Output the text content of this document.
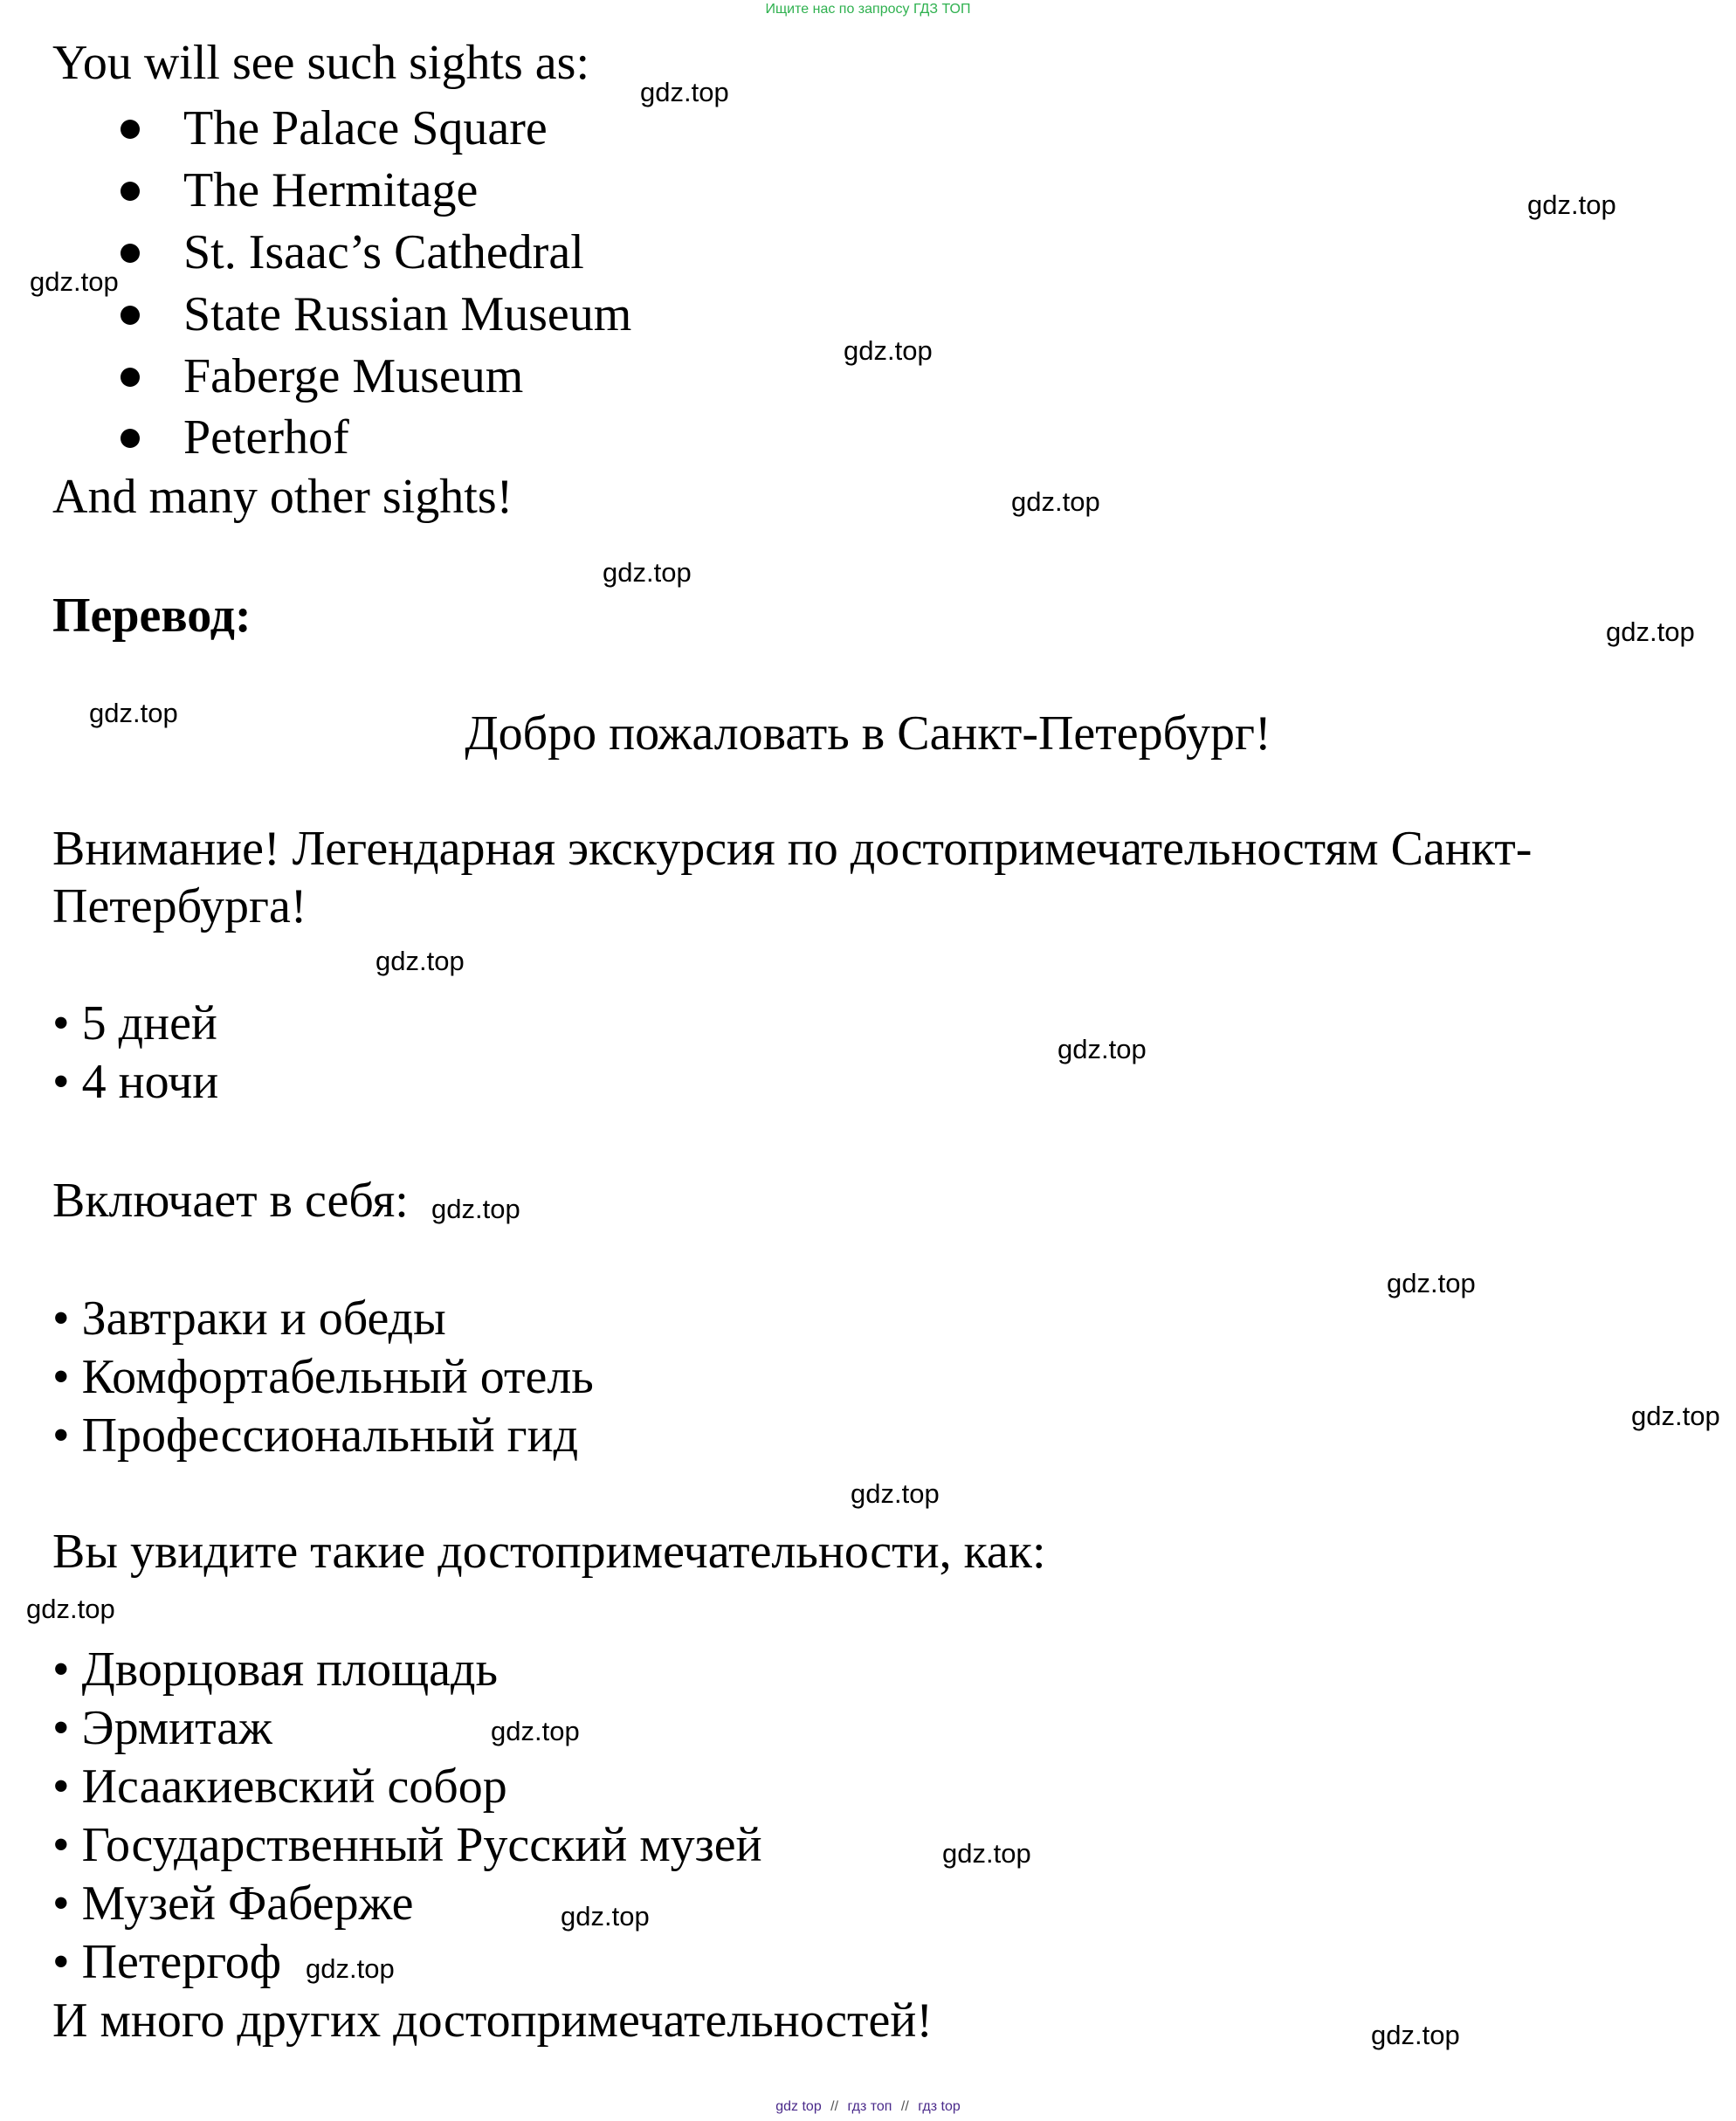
Ищите нас по запросу ГДЗ ТОП
You will see such sights as:
The Palace Square
The Hermitage
St. Isaac’s Cathedral
State Russian Museum
Faberge Museum
Peterhof
And many other sights!
Перевод:
Добро пожаловать в Санкт-Петербург!
Внимание! Легендарная экскурсия по достопримечательностям Санкт-
Петербурга!
• 5 дней
• 4 ночи
Включает в себя:
• Завтраки и обеды
• Комфортабельный отель
• Профессиональный гид
Вы увидите такие достопримечательности, как:
• Дворцовая площадь
• Эрмитаж
• Исаакиевский собор
• Государственный Русский музей
• Музей Фаберже
• Петергоф
И много других достопримечательностей!
gdz.top
gdz.top
gdz.top
gdz.top
gdz.top
gdz.top
gdz.top
gdz.top
gdz.top
gdz.top
gdz.top
gdz.top
gdz.top
gdz.top
gdz.top
gdz.top
gdz.top
gdz.top
gdz.top
gdz.top
gdz top // гдз топ // гдз top
